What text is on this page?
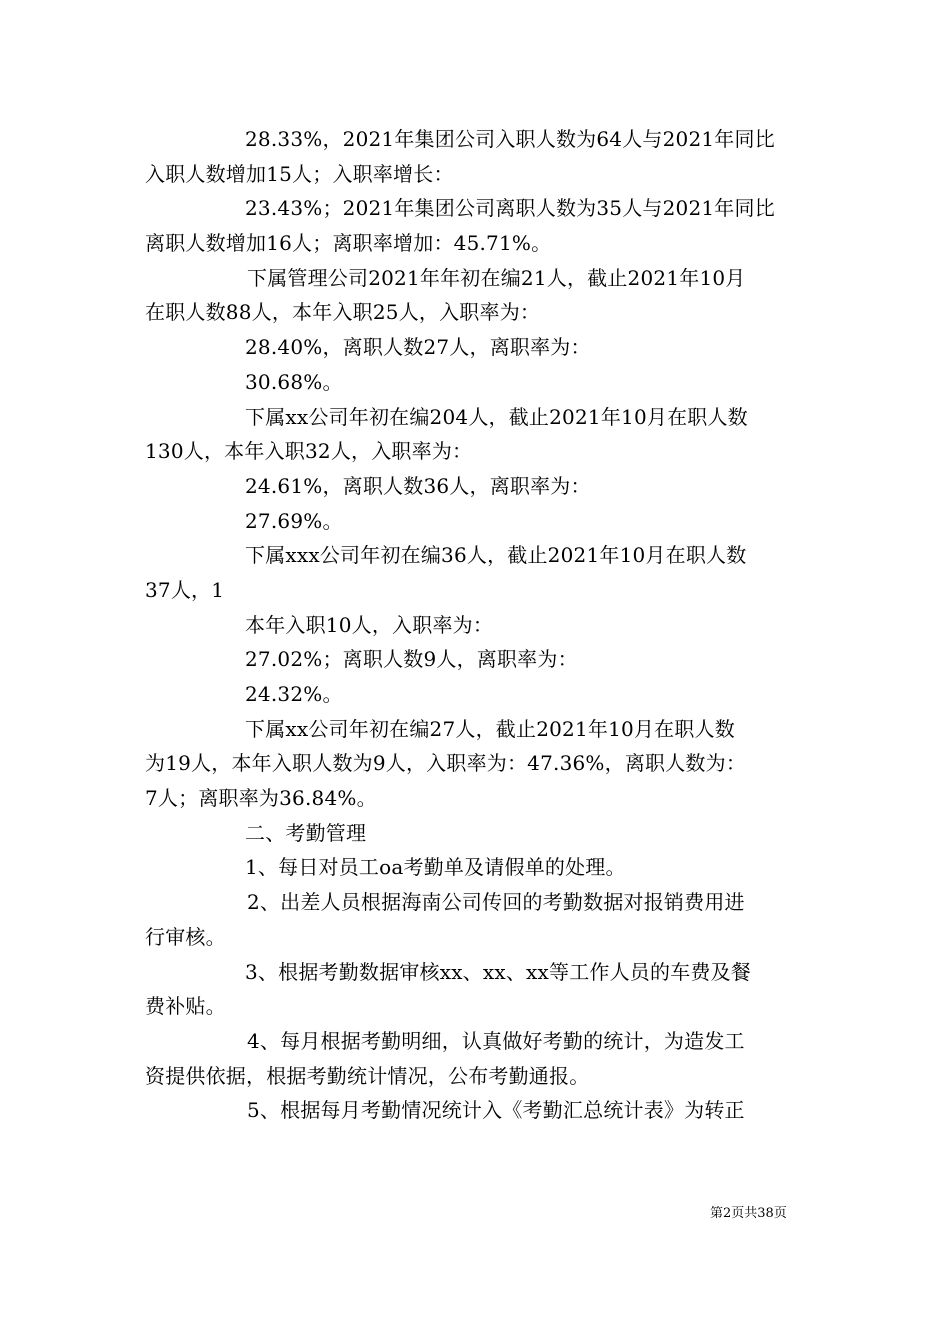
28.33%，2021年集团公司入职人数为64人与2021年同比
入职人数增加15人；入职率增长：
23.43%；2021年集团公司离职人数为35人与2021年同比
离职人数增加16人；离职率增加：45.71%。
下属管理公司2021年年初在编21人，截止2021年10月
在职人数88人，本年入职25人，入职率为：
28.40%，离职人数27人，离职率为：
30.68%。
下属xx公司年初在编204人，截止2021年10月在职人数
130人，本年入职32人，入职率为：
24.61%，离职人数36人，离职率为：
27.69%。
下属xxx公司年初在编36人，截止2021年10月在职人数
37人，1
本年入职10人，入职率为：
27.02%；离职人数9人，离职率为：
24.32%。
下属xx公司年初在编27人，截止2021年10月在职人数
为19人，本年入职人数为9人，入职率为：47.36%，离职人数为：
7人；离职率为36.84%。
二、考勤管理
1、每日对员工oa考勤单及请假单的处理。
2、出差人员根据海南公司传回的考勤数据对报销费用进
行审核。
3、根据考勤数据审核xx、xx、xx等工作人员的车费及餐
费补贴。
4、每月根据考勤明细，认真做好考勤的统计，为造发工
资提供依据，根据考勤统计情况，公布考勤通报。
5、根据每月考勤情况统计入《考勤汇总统计表》为转正
第2页共38页
